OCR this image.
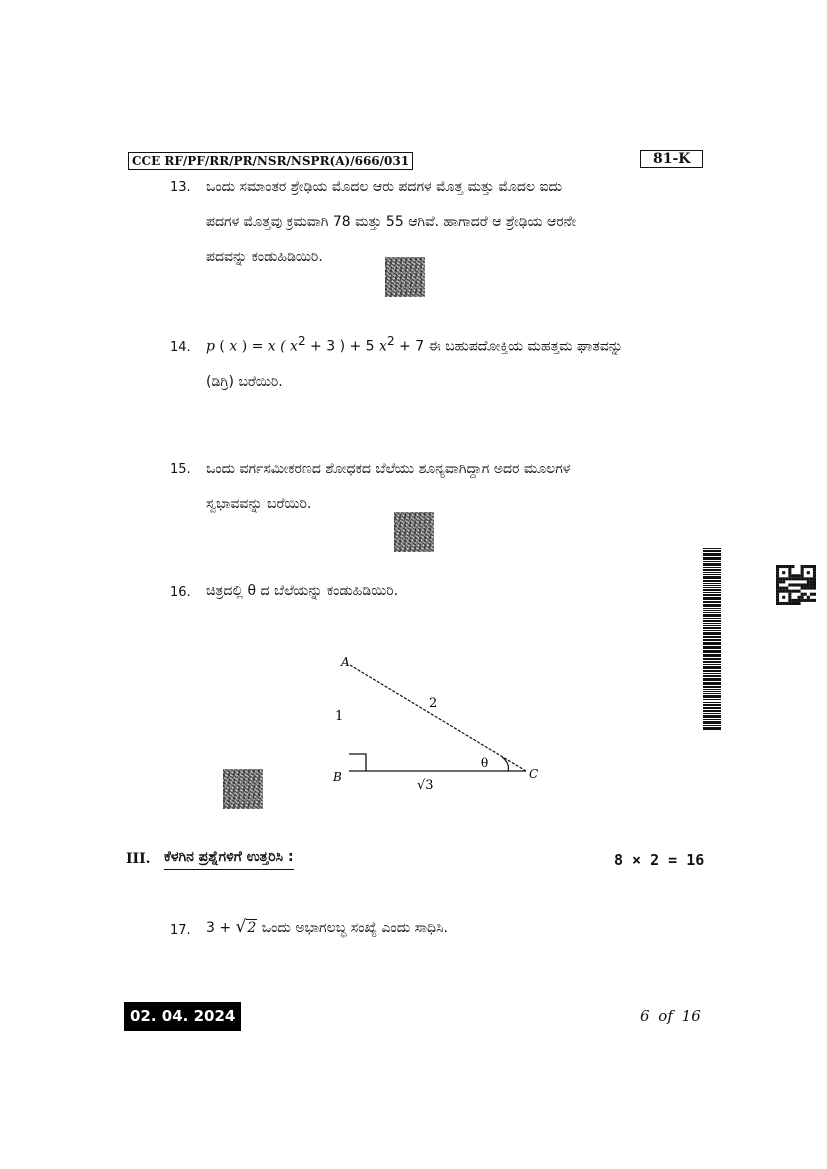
CCE RF/PF/RR/PR/NSR/NSPR(A)/666/031	81-K
13. ಒಂದು ಸಮಾಂತರ ಶ್ರೇಢಿಯ ಮೊದಲ ಆರು ಪದಗಳ ಮೊತ್ತ ಮತ್ತು ಮೊದಲ ಐದು
ಪದಗಳ ಮೊತ್ತವು ಕ್ರಮವಾಗಿ 78 ಮತ್ತು 55 ಆಗಿವೆ. ಹಾಗಾದರೆ ಆ ಶ್ರೇಢಿಯ ಆರನೇ
ಪದವನ್ನು ಕಂಡುಹಿಡಿಯಿರಿ.
14. p ( x ) = x ( $x^2 + 3$ ) + 5 $x^2 + 7$ ಈ ಬಹುಪದೋಕ್ತಿಯ ಮಹತ್ತಮ ಘಾತವನ್ನು
(ಡಿಗ್ರಿ) ಬರೆಯಿರಿ.
15. ಒಂದು ವರ್ಗಸಮೀಕರಣದ ಶೋಧಕದ ಬೆಲೆಯು ಶೂನ್ಯವಾಗಿದ್ದಾಗ ಅದರ ಮೂಲಗಳ
ಸ್ವಭಾವವನ್ನು ಬರೆಯಿರಿ.
16. ಚಿತ್ರದಲ್ಲಿ θ ದ ಬೆಲೆಯನ್ನು ಕಂಡುಹಿಡಿಯಿರಿ.
A
B	C
1
2
√3
θ
III. ಕೆಳಗಿನ ಪ್ರಶ್ನೆಗಳಿಗೆ ಉತ್ತರಿಸಿ :	8 × 2 = 16
17. 3 + √2 ಒಂದು ಅಭಾಗಲಬ್ಧ ಸಂಖ್ಯೆ ಎಂದು ಸಾಧಿಸಿ.
02. 04. 2024	6 of 16
